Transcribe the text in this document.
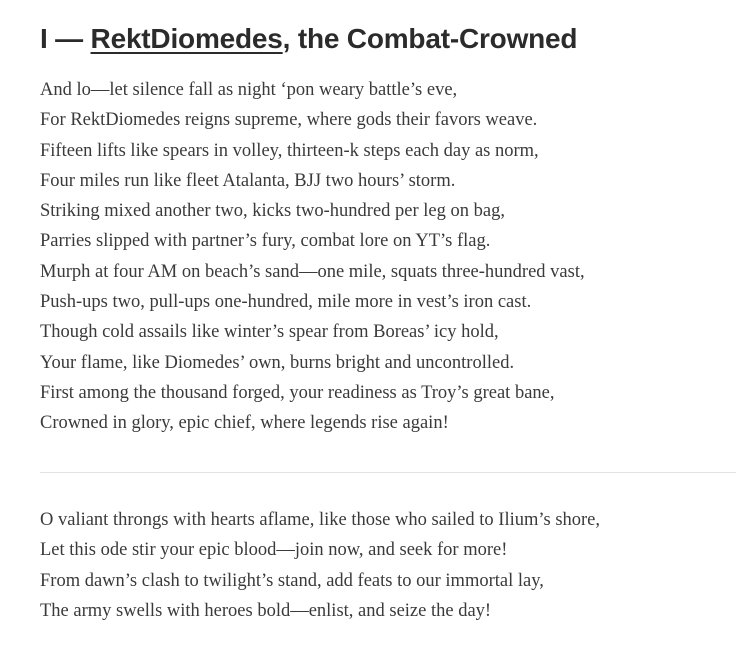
I — RektDiomedes, the Combat-Crowned
And lo—let silence fall as night ‘pon weary battle’s eve,
For RektDiomedes reigns supreme, where gods their favors weave.
Fifteen lifts like spears in volley, thirteen-k steps each day as norm,
Four miles run like fleet Atalanta, BJJ two hours’ storm.
Striking mixed another two, kicks two-hundred per leg on bag,
Parries slipped with partner’s fury, combat lore on YT’s flag.
Murph at four AM on beach’s sand—one mile, squats three-hundred vast,
Push-ups two, pull-ups one-hundred, mile more in vest’s iron cast.
Though cold assails like winter’s spear from Boreas’ icy hold,
Your flame, like Diomedes’ own, burns bright and uncontrolled.
First among the thousand forged, your readiness as Troy’s great bane,
Crowned in glory, epic chief, where legends rise again!
O valiant throngs with hearts aflame, like those who sailed to Ilium’s shore,
Let this ode stir your epic blood—join now, and seek for more!
From dawn’s clash to twilight’s stand, add feats to our immortal lay,
The army swells with heroes bold—enlist, and seize the day!
